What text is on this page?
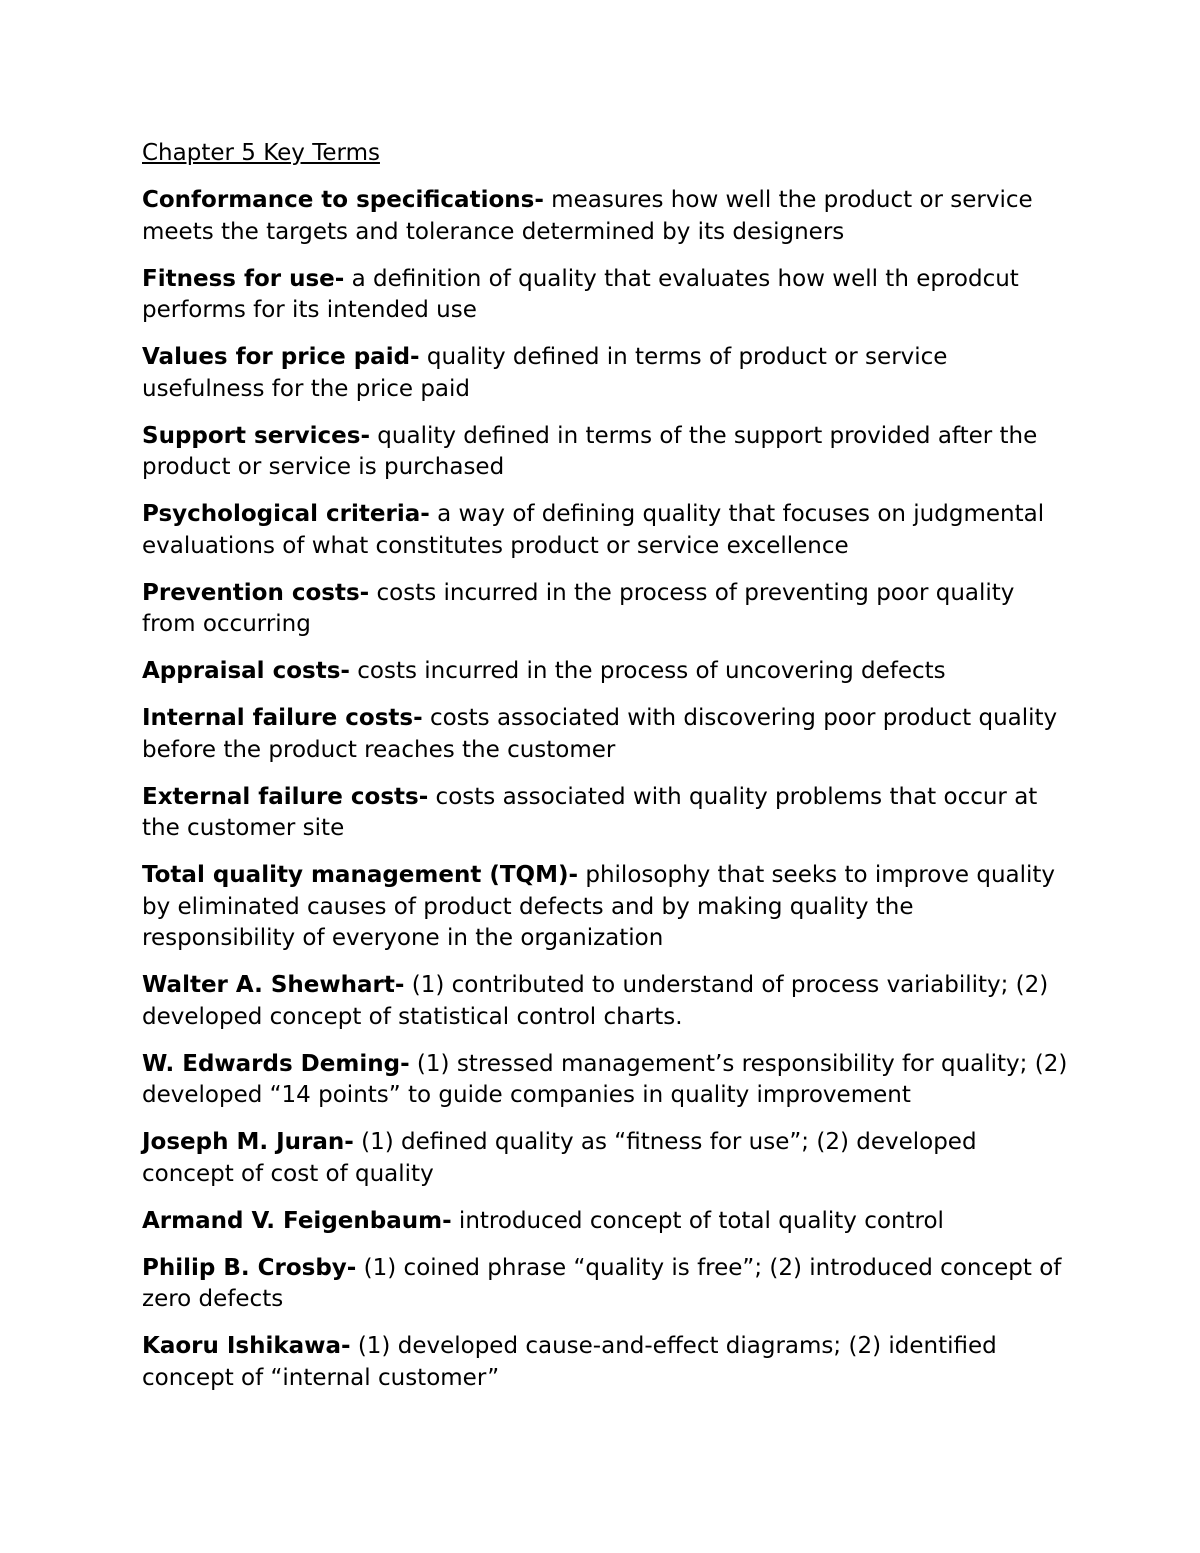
Chapter 5 Key Terms

Conformance to specifications- measures how well the product or service meets the targets and tolerance determined by its designers

Fitness for use- a definition of quality that evaluates how well th eprodcut performs for its intended use

Values for price paid- quality defined in terms of product or service usefulness for the price paid

Support services- quality defined in terms of the support provided after the product or service is purchased

Psychological criteria- a way of defining quality that focuses on judgmental evaluations of what constitutes product or service excellence

Prevention costs- costs incurred in the process of preventing poor quality from occurring

Appraisal costs- costs incurred in the process of uncovering defects

Internal failure costs- costs associated with discovering poor product quality before the product reaches the customer

External failure costs- costs associated with quality problems that occur at the customer site

Total quality management (TQM)- philosophy that seeks to improve quality by eliminated causes of product defects and by making quality the responsibility of everyone in the organization

Walter A. Shewhart- (1) contributed to understand of process variability; (2) developed concept of statistical control charts.

W. Edwards Deming- (1) stressed management’s responsibility for quality; (2) developed “14 points” to guide companies in quality improvement

Joseph M. Juran- (1) defined quality as “fitness for use”; (2) developed concept of cost of quality

Armand V. Feigenbaum- introduced concept of total quality control

Philip B. Crosby- (1) coined phrase “quality is free”; (2) introduced concept of zero defects

Kaoru Ishikawa- (1) developed cause-and-effect diagrams; (2) identified concept of “internal customer”
